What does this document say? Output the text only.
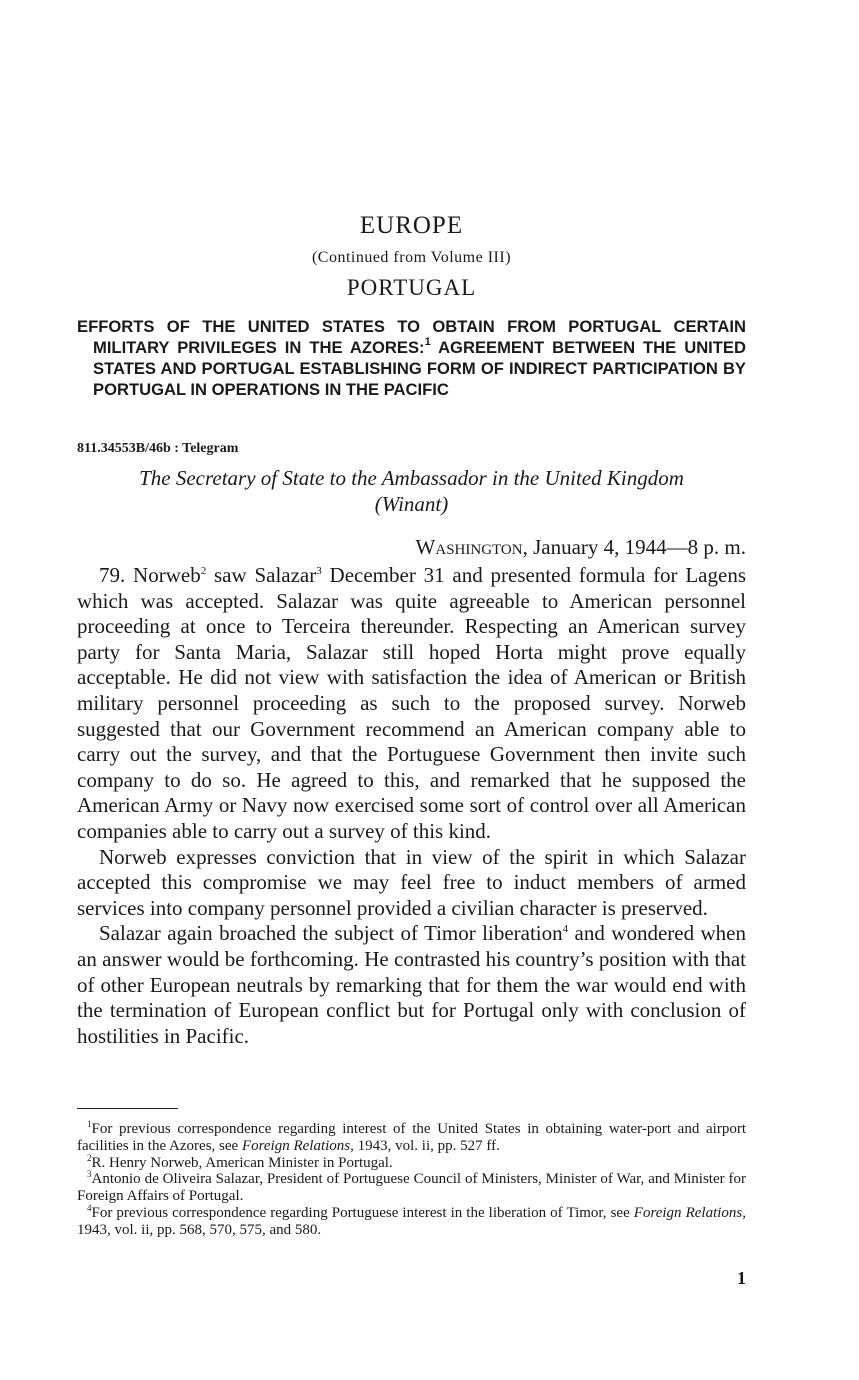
EUROPE
(Continued from Volume III)
PORTUGAL
EFFORTS OF THE UNITED STATES TO OBTAIN FROM PORTUGAL CERTAIN MILITARY PRIVILEGES IN THE AZORES:$^1$ AGREEMENT BETWEEN THE UNITED STATES AND PORTUGAL ESTABLISHING FORM OF INDIRECT PARTICIPATION BY PORTUGAL IN OPERATIONS IN THE PACIFIC
811.34553B/46b : Telegram
The Secretary of State to the Ambassador in the United Kingdom
(Winant)
Washington, January 4, 1944—8 p. m.

79. Norweb$^2$ saw Salazar$^3$ December 31 and presented formula for Lagens which was accepted. Salazar was quite agreeable to American personnel proceeding at once to Terceira thereunder. Respecting an American survey party for Santa Maria, Salazar still hoped Horta might prove equally acceptable. He did not view with satisfaction the idea of American or British military personnel proceeding as such to the proposed survey. Norweb suggested that our Government recommend an American company able to carry out the survey, and that the Portuguese Government then invite such company to do so. He agreed to this, and remarked that he supposed the American Army or Navy now exercised some sort of control over all American companies able to carry out a survey of this kind.

Norweb expresses conviction that in view of the spirit in which Salazar accepted this compromise we may feel free to induct members of armed services into company personnel provided a civilian character is preserved.

Salazar again broached the subject of Timor liberation$^4$ and wondered when an answer would be forthcoming. He contrasted his country’s position with that of other European neutrals by remarking that for them the war would end with the termination of European conflict but for Portugal only with conclusion of hostilities in Pacific.

$^1$For previous correspondence regarding interest of the United States in obtaining water-port and airport facilities in the Azores, see Foreign Relations, 1943, vol. ii, pp. 527 ff.

$^2$R. Henry Norweb, American Minister in Portugal.

$^3$Antonio de Oliveira Salazar, President of Portuguese Council of Ministers, Minister of War, and Minister for Foreign Affairs of Portugal.

$^4$For previous correspondence regarding Portuguese interest in the liberation of Timor, see Foreign Relations, 1943, vol. ii, pp. 568, 570, 575, and 580.

1
